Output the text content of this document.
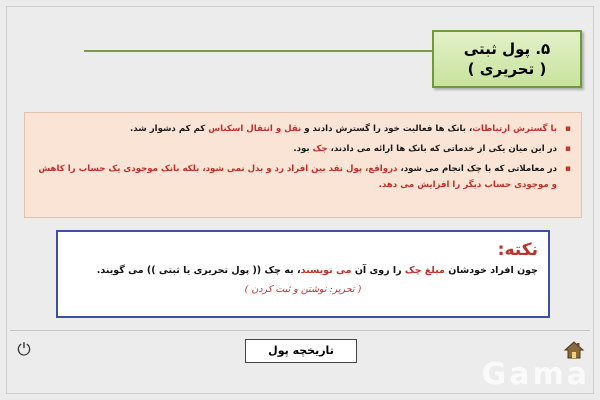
۵. پول ثبتی
( تحریری )
▪
با گسترش ارتباطات، بانک ها فعالیت خود را گسترش دادند و نقل و انتقال اسکناس کم کم دشوار شد.
▪
در این میان یکی از خدماتی که بانک ها ارائه می دادند، چک بود.
▪
در معاملاتی که با چک انجام می شود، درواقع، پول نقد بین افراد رد و بدل نمی شود، بلکه بانک موجودی یک حساب را کاهش و موجودی حساب دیگر را افزایش می دهد.
نکته:
چون افراد خودشان مبلغ چک را روی آن می نویسند، به چک (( پول تحریری یا ثبتی )) می گویند.
( تحریر: نوشتن و ثبت کردن )
⏻	تاریخچه پول
Gama
